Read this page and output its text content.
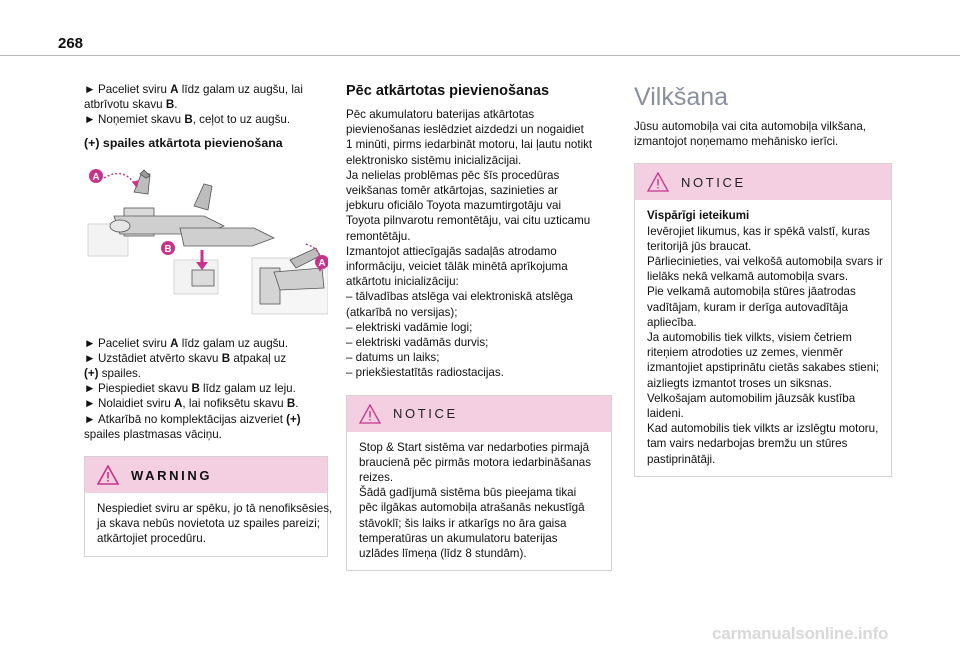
268
► Paceliet sviru A līdz galam uz augšu, lai
atbrīvotu skavu B.
► Noņemiet skavu B, ceļot to uz augšu.
(+) spailes atkārtota pievienošana
A
B
A
► Paceliet sviru A līdz galam uz augšu.
► Uzstādiet atvērto skavu B atpakaļ uz
(+) spailes.
► Piespiediet skavu B līdz galam uz leju.
► Nolaidiet sviru A, lai nofiksētu skavu B.
► Atkarībā no komplektācijas aizveriet (+)
spailes plastmasas vāciņu.
WARNING
Nespiediet sviru ar spēku, jo tā nenofiksēsies,
ja skava nebūs novietota uz spailes pareizi;
atkārtojiet procedūru.
Pēc atkārtotas pievienošanas
Pēc akumulatoru baterijas atkārtotas
pievienošanas ieslēdziet aizdedzi un nogaidiet
1 minūti, pirms iedarbināt motoru, lai ļautu notikt
elektronisko sistēmu inicializācijai.
Ja nelielas problēmas pēc šīs procedūras
veikšanas tomēr atkārtojas, sazinieties ar
jebkuru oficiālo Toyota mazumtirgotāju vai
Toyota pilnvarotu remontētāju, vai citu uzticamu
remontētāju.
Izmantojot attiecīgajās sadaļās atrodamo
informāciju, veiciet tālāk minētā aprīkojuma
atkārtotu inicializāciju:
– tālvadības atslēga vai elektroniskā atslēga
(atkarībā no versijas);
– elektriski vadāmie logi;
– elektriski vadāmās durvis;
– datums un laiks;
– priekšiestatītās radiostacijas.
NOTICE
Stop & Start sistēma var nedarboties pirmajā
braucienā pēc pirmās motora iedarbināšanas
reizes.
Šādā gadījumā sistēma būs pieejama tikai
pēc ilgākas automobiļa atrašanās nekustīgā
stāvoklī; šis laiks ir atkarīgs no āra gaisa
temperatūras un akumulatoru baterijas
uzlādes līmeņa (līdz 8 stundām).
Vilkšana
Jūsu automobiļa vai cita automobiļa vilkšana,
izmantojot noņemamo mehānisko ierīci.
NOTICE
Vispārīgi ieteikumi
Ievērojiet likumus, kas ir spēkā valstī, kuras
teritorijā jūs braucat.
Pārliecinieties, vai velkošā automobiļa svars ir
lielāks nekā velkamā automobiļa svars.
Pie velkamā automobiļa stūres jāatrodas
vadītājam, kuram ir derīga autovadītāja
apliecība.
Ja automobilis tiek vilkts, visiem četriem
riteņiem atrodoties uz zemes, vienmēr
izmantojiet apstiprinātu cietās sakabes stieni;
aizliegts izmantot troses un siksnas.
Velkošajam automobilim jāuzsāk kustība
laideni.
Kad automobilis tiek vilkts ar izslēgtu motoru,
tam vairs nedarbojas bremžu un stūres
pastiprinātāji.
carmanualsonline.info
